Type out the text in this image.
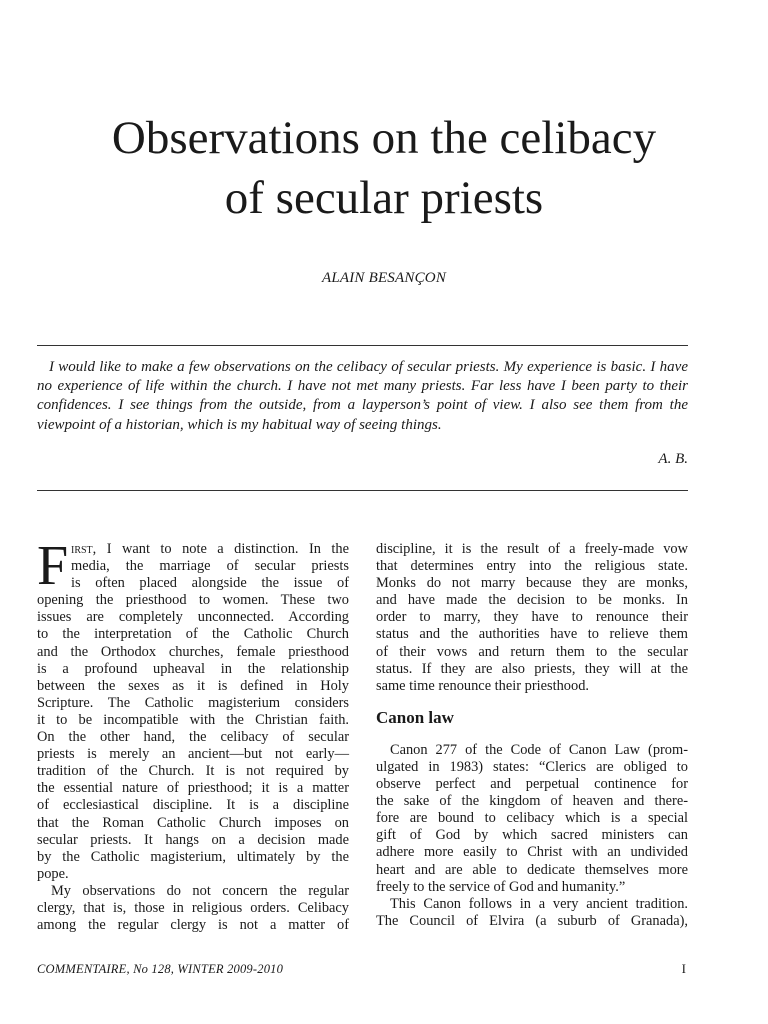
Observations on the celibacy
of secular priests
ALAIN BESANÇON
I would like to make a few observations on the celibacy of secular priests. My experience is basic. I have no experience of life within the church. I have not met many priests. Far less have I been party to their confidences. I see things from the outside, from a layperson’s point of view. I also see them from the viewpoint of a historian, which is my habitual way of seeing things.
A. B.
F irst, I want to note a distinction. In the
media, the marriage of secular priests
is often placed alongside the issue of
opening the priesthood to women. These two
issues are completely unconnected. According
to the interpretation of the Catholic Church
and the Orthodox churches, female priesthood
is a profound upheaval in the relationship
between the sexes as it is defined in Holy
Scripture. The Catholic magisterium considers
it to be incompatible with the Christian faith.
On the other hand, the celibacy of secular
priests is merely an ancient—but not early—
tradition of the Church. It is not required by
the essential nature of priesthood; it is a matter
of ecclesiastical discipline. It is a discipline
that the Roman Catholic Church imposes on
secular priests. It hangs on a decision made
by the Catholic magisterium, ultimately by the
pope.
My observations do not concern the regular
clergy, that is, those in religious orders. Celibacy
among the regular clergy is not a matter of
discipline, it is the result of a freely-made vow
that determines entry into the religious state.
Monks do not marry because they are monks,
and have made the decision to be monks. In
order to marry, they have to renounce their
status and the authorities have to relieve them
of their vows and return them to the secular
status. If they are also priests, they will at the
same time renounce their priesthood.
Canon law
Canon 277 of the Code of Canon Law (prom-
ulgated in 1983) states: “Clerics are obliged to
observe perfect and perpetual continence for
the sake of the kingdom of heaven and there-
fore are bound to celibacy which is a special
gift of God by which sacred ministers can
adhere more easily to Christ with an undivided
heart and are able to dedicate themselves more
freely to the service of God and humanity.”
This Canon follows in a very ancient tradition.
The Council of Elvira (a suburb of Granada),
COMMENTAIRE, No 128, WINTER 2009-2010	I
